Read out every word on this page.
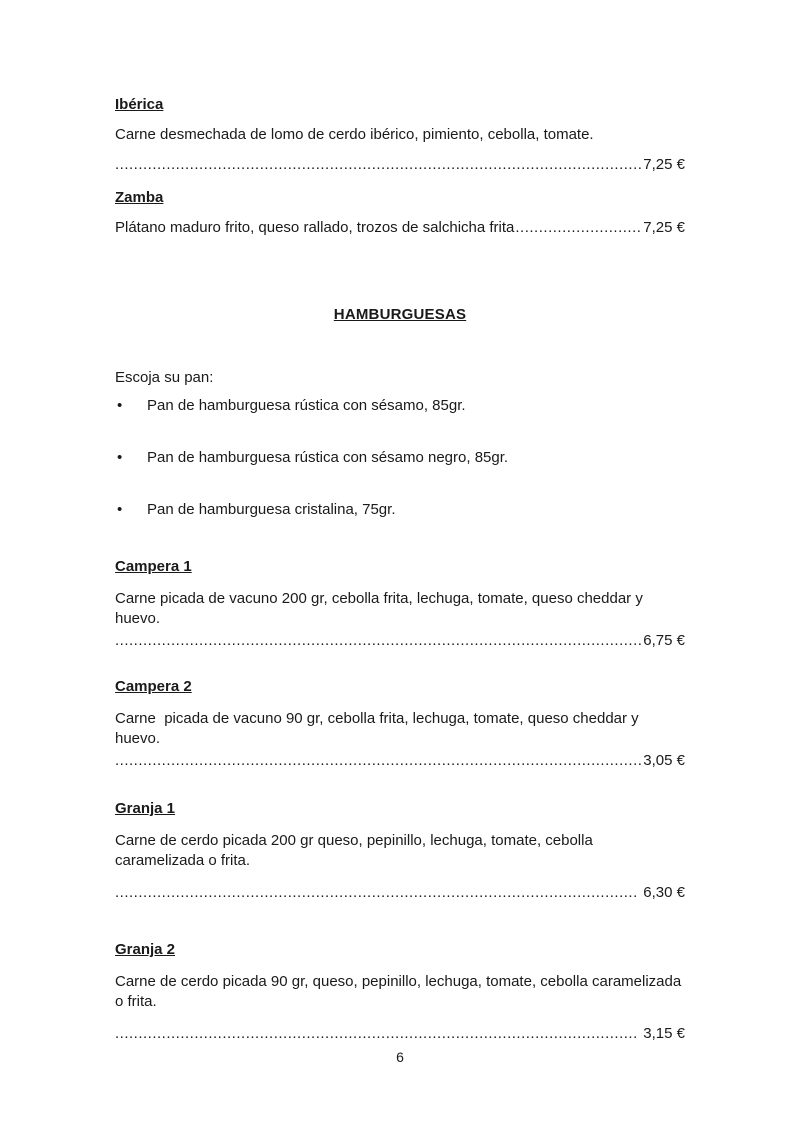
Ibérica

Carne desmechada de lomo de cerdo ibérico, pimiento, cebolla, tomate.

.....
7,25 €
Zamba
Plátano maduro frito, queso rallado, trozos de salchicha frita .....	7,25 €
HAMBURGUESAS

Escoja su pan:

• Pan de hamburguesa rústica con sésamo, 85gr.
• Pan de hamburguesa rústica con sésamo negro, 85gr.
• Pan de hamburguesa cristalina, 75gr.
Campera 1

Carne picada de vacuno 200 gr, cebolla frita, lechuga, tomate, queso cheddar y huevo.

.....
6,75 €
Campera 2

Carne  picada de vacuno 90 gr, cebolla frita, lechuga, tomate, queso cheddar y huevo.

.....
3,05 €
Granja 1

Carne de cerdo picada 200 gr queso, pepinillo, lechuga, tomate, cebolla caramelizada o frita.

.....
6,30 €
Granja 2

Carne de cerdo picada 90 gr, queso, pepinillo, lechuga, tomate, cebolla caramelizada o frita.

.....
3,15 €
6
